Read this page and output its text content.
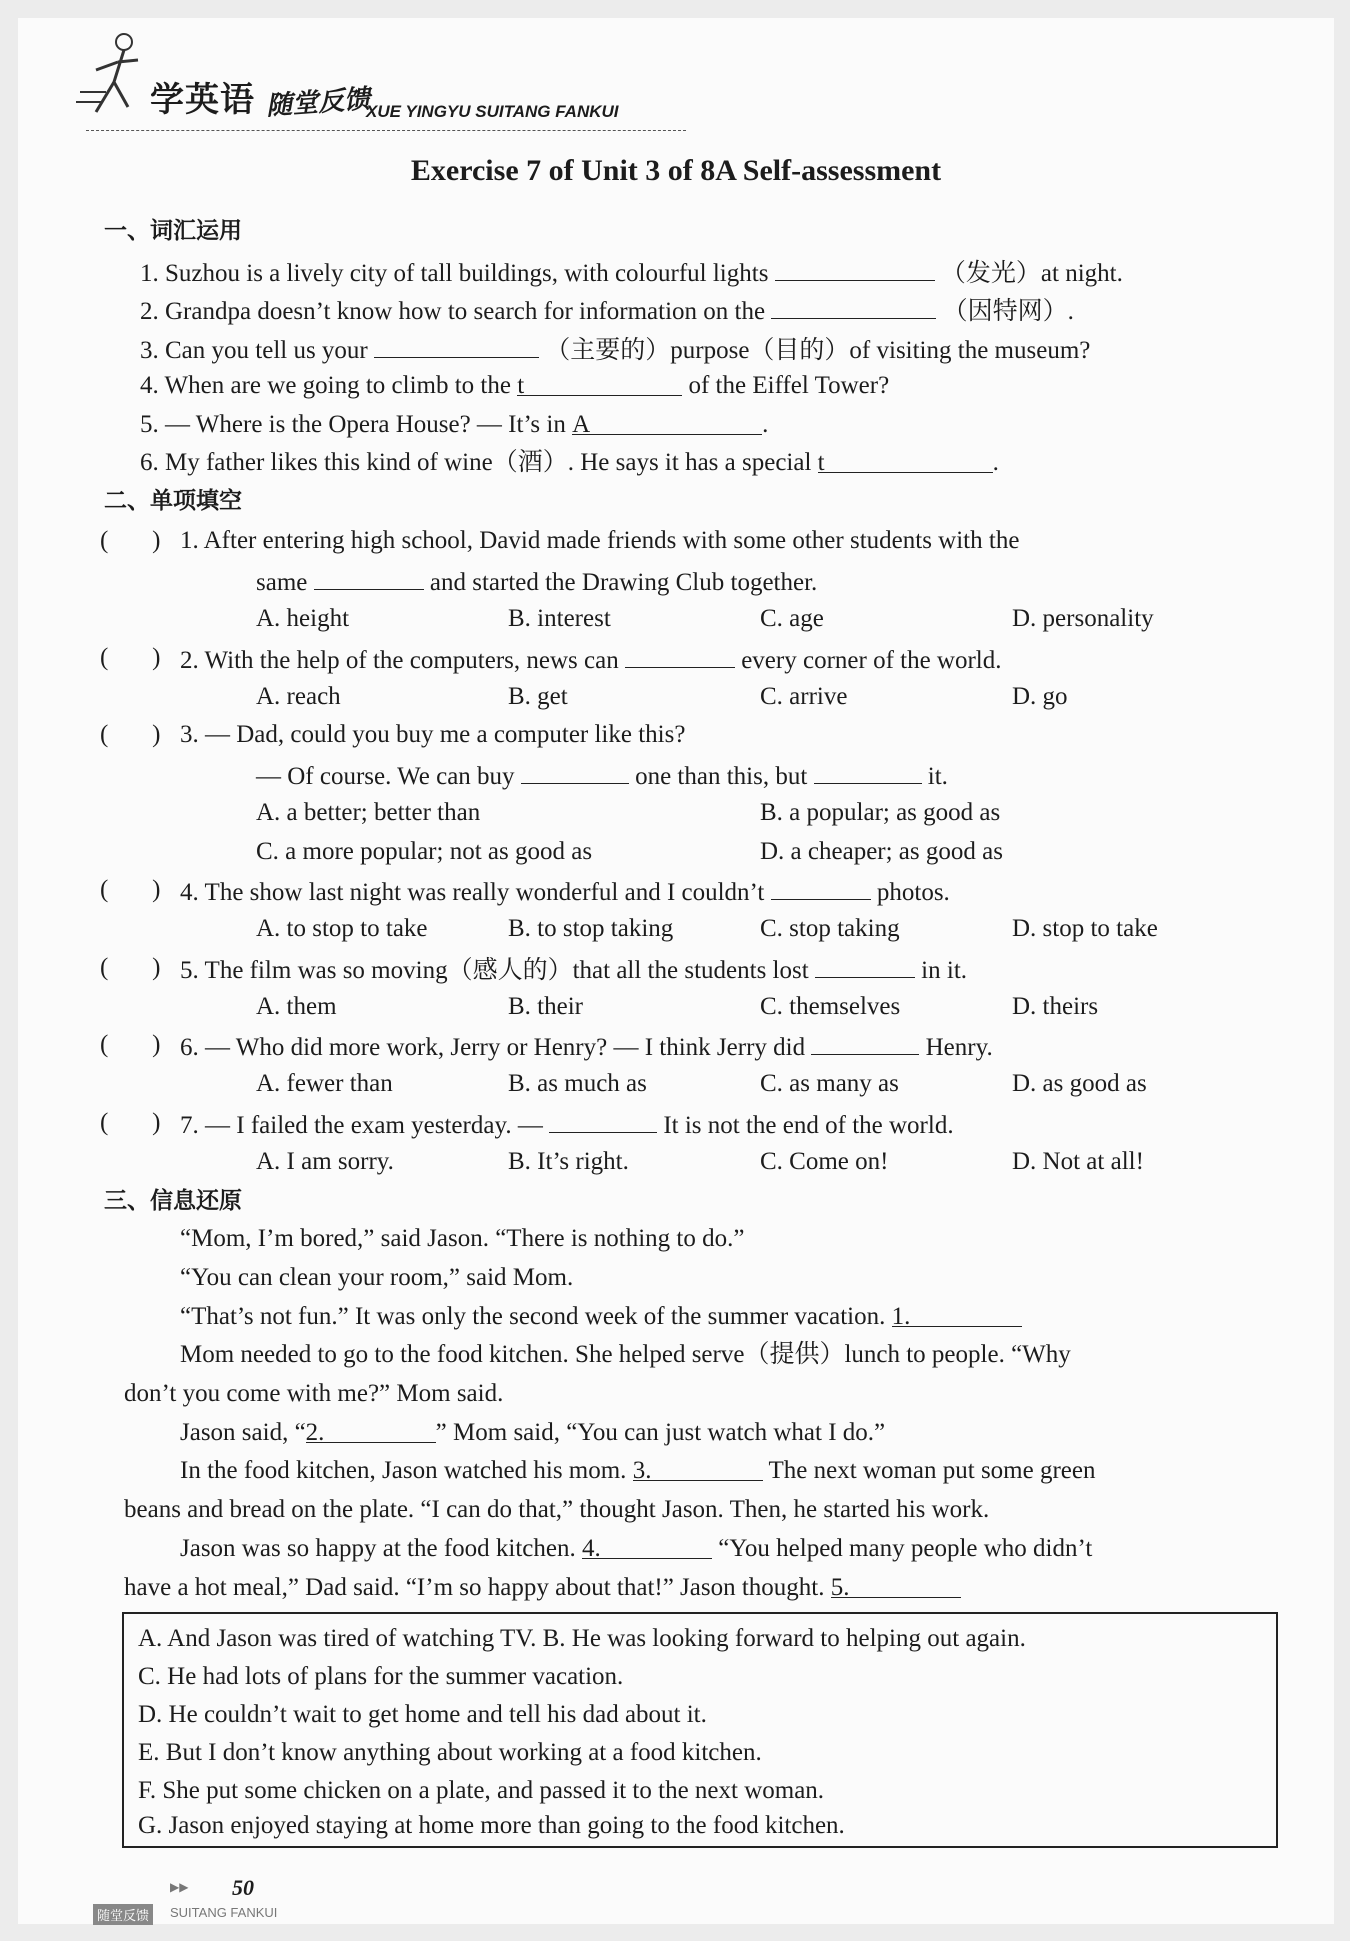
学英语 随堂反馈
XUE YINGYU SUITANG FANKUI
Exercise 7 of Unit 3 of 8A Self-assessment
一、词汇运用
1. Suzhou is a lively city of tall buildings, with colourful lights	（发光）at night.
2. Grandpa doesn’t know how to search for information on the	（因特网）.
3. Can you tell us your	（主要的）purpose（目的）of visiting the museum?
4. When are we going to climb to the t	of the Eiffel Tower?
5. — Where is the Opera House? — It’s in A	.
6. My father likes this kind of wine（酒）. He says it has a special t	.
二、单项填空
(       ) 1. After entering high school, David made friends with some other students with the
same	and started the Drawing Club together.
A. height	B. interest	C. age	D. personality
(       ) 2. With the help of the computers, news can	every corner of the world.
A. reach	B. get	C. arrive	D. go
(       ) 3. — Dad, could you buy me a computer like this?
— Of course. We can buy	one than this, but	it.
A. a better; better than	B. a popular; as good as
C. a more popular; not as good as	D. a cheaper; as good as
(       ) 4. The show last night was really wonderful and I couldn’t	photos.
A. to stop to take	B. to stop taking	C. stop taking	D. stop to take
(       ) 5. The film was so moving（感人的）that all the students lost	in it.
A. them	B. their	C. themselves	D. theirs
(       ) 6. — Who did more work, Jerry or Henry? — I think Jerry did	Henry.
A. fewer than	B. as much as	C. as many as	D. as good as
(       ) 7. — I failed the exam yesterday. —	It is not the end of the world.
A. I am sorry.	B. It’s right.	C. Come on!	D. Not at all!
三、信息还原
“Mom, I’m bored,” said Jason. “There is nothing to do.”
“You can clean your room,” said Mom.
“That’s not fun.” It was only the second week of the summer vacation. 1.
Mom needed to go to the food kitchen. She helped serve（提供）lunch to people. “Why
don’t you come with me?” Mom said.
Jason said, “2.	” Mom said, “You can just watch what I do.”
In the food kitchen, Jason watched his mom. 3.	The next woman put some green
beans and bread on the plate. “I can do that,” thought Jason. Then, he started his work.
Jason was so happy at the food kitchen. 4.	“You helped many people who didn’t
have a hot meal,” Dad said. “I’m so happy about that!” Jason thought. 5.
A. And Jason was tired of watching TV. B. He was looking forward to helping out again.
C. He had lots of plans for the summer vacation.
D. He couldn’t wait to get home and tell his dad about it.
E. But I don’t know anything about working at a food kitchen.
F. She put some chicken on a plate, and passed it to the next woman.
G. Jason enjoyed staying at home more than going to the food kitchen.
▶▶ 50
随堂反馈	SUITANG FANKUI
